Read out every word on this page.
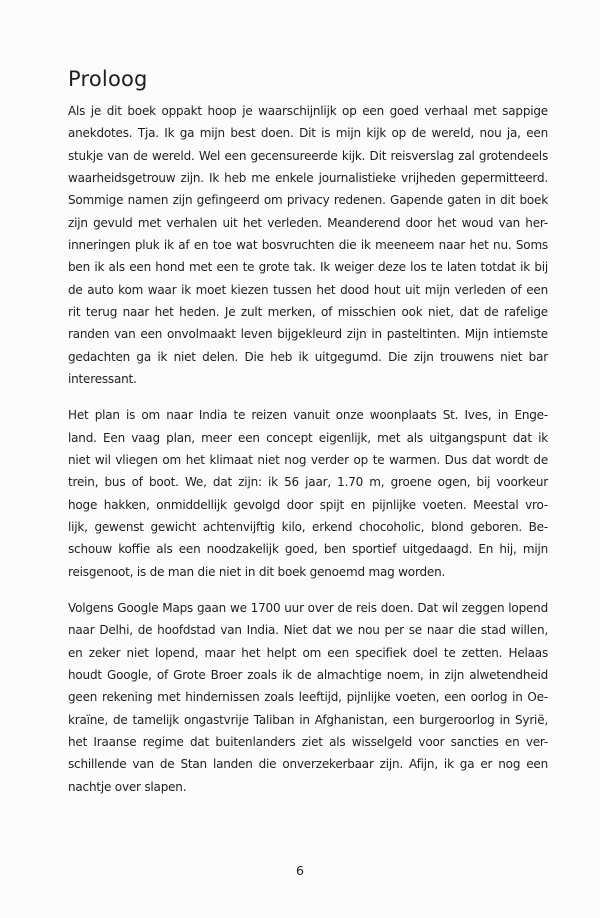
Proloog
Als je dit boek oppakt hoop je waarschijnlijk op een goed verhaal met sappige
anekdotes. Tja. Ik ga mijn best doen. Dit is mijn kijk op de wereld, nou ja, een
stukje van de wereld. Wel een gecensureerde kijk. Dit reisverslag zal grotendeels
waarheidsgetrouw zijn. Ik heb me enkele journalistieke vrijheden gepermitteerd.
Sommige namen zijn gefingeerd om privacy redenen. Gapende gaten in dit boek
zijn gevuld met verhalen uit het verleden. Meanderend door het woud van her-
inneringen pluk ik af en toe wat bosvruchten die ik meeneem naar het nu. Soms
ben ik als een hond met een te grote tak. Ik weiger deze los te laten totdat ik bij
de auto kom waar ik moet kiezen tussen het dood hout uit mijn verleden of een
rit terug naar het heden. Je zult merken, of misschien ook niet, dat de rafelige
randen van een onvolmaakt leven bijgekleurd zijn in pasteltinten. Mijn intiemste
gedachten ga ik niet delen. Die heb ik uitgegumd. Die zijn trouwens niet bar
interessant.
Het plan is om naar India te reizen vanuit onze woonplaats St. Ives, in Enge-
land. Een vaag plan, meer een concept eigenlijk, met als uitgangspunt dat ik
niet wil vliegen om het klimaat niet nog verder op te warmen. Dus dat wordt de
trein, bus of boot. We, dat zijn: ik 56 jaar, 1.70 m, groene ogen, bij voorkeur
hoge hakken, onmiddellijk gevolgd door spijt en pijnlijke voeten. Meestal vro-
lijk, gewenst gewicht achtenvijftig kilo, erkend chocoholic, blond geboren. Be-
schouw koffie als een noodzakelijk goed, ben sportief uitgedaagd. En hij, mijn
reisgenoot, is de man die niet in dit boek genoemd mag worden.
Volgens Google Maps gaan we 1700 uur over de reis doen. Dat wil zeggen lopend
naar Delhi, de hoofdstad van India. Niet dat we nou per se naar die stad willen,
en zeker niet lopend, maar het helpt om een specifiek doel te zetten. Helaas
houdt Google, of Grote Broer zoals ik de almachtige noem, in zijn alwetendheid
geen rekening met hindernissen zoals leeftijd, pijnlijke voeten, een oorlog in Oe-
kraïne, de tamelijk ongastvrije Taliban in Afghanistan, een burgeroorlog in Syrië,
het Iraanse regime dat buitenlanders ziet als wisselgeld voor sancties en ver-
schillende van de Stan landen die onverzekerbaar zijn. Afijn, ik ga er nog een
nachtje over slapen.
6
